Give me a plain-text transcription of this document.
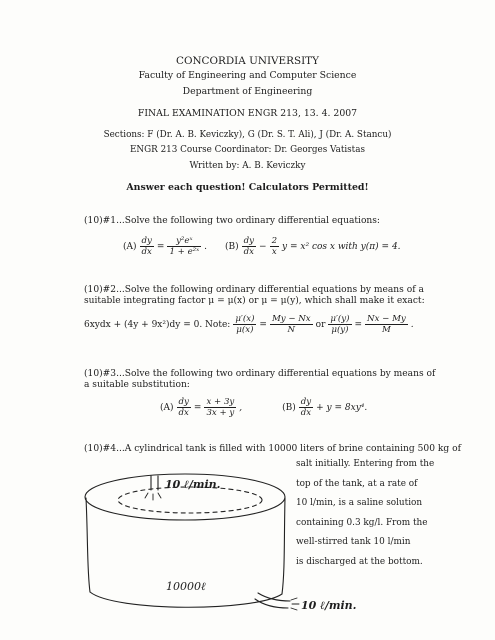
CONCORDIA UNIVERSITY
Faculty of Engineering and Computer Science
Department of Engineering
FINAL EXAMINATION ENGR 213, 13. 4. 2007
Sections: F (Dr. A. B. Keviczky), G (Dr. S. T. Ali), J (Dr. A. Stancu)
ENGR 213 Course Coordinator: Dr. Georges Vatistas
Written by: A. B. Keviczky
Answer each question! Calculators Permitted!
(10)#1...Solve the following two ordinary differential equations:
$(A) \frac{dy}{dx} = \frac{\text{y²eˣ}}{\text{1 + e²ˣ}}$ . $(B) \frac{dy}{dx} - \frac{2}{x}$ y = x² cos x with y(π) = 4.
(10)#2...Solve the following ordinary differential equations by means of a suitable integrating factor μ = μ(x) or μ = μ(y), which shall make it exact:
6xydx + (4y + 9x²)dy = 0. Note: $\frac{\mu'(x)}{\mu(x)} = \frac{My - Nx}{N}$ or $\frac{\mu'(y)}{\mu(y)} = \frac{Nx - My}{M}$ .
(10)#3...Solve the following two ordinary differential equations by means of a suitable substitution:
$(A) \frac{dy}{dx} = \frac{x + 3y}{3x + y}$ ,	$(B) \frac{dy}{dx} + y = 8xy^4$.
(10)#4...A cylindrical tank is filled with 10000 liters of brine containing 500 kg of
salt initially. Entering from the
top of the tank, at a rate of
10 l/min, is a saline solution
containing 0.3 kg/l. From the
well-stirred tank 10 l/min
is discharged at the bottom.
10 ℓ/min.
10000ℓ
10 ℓ/min.
